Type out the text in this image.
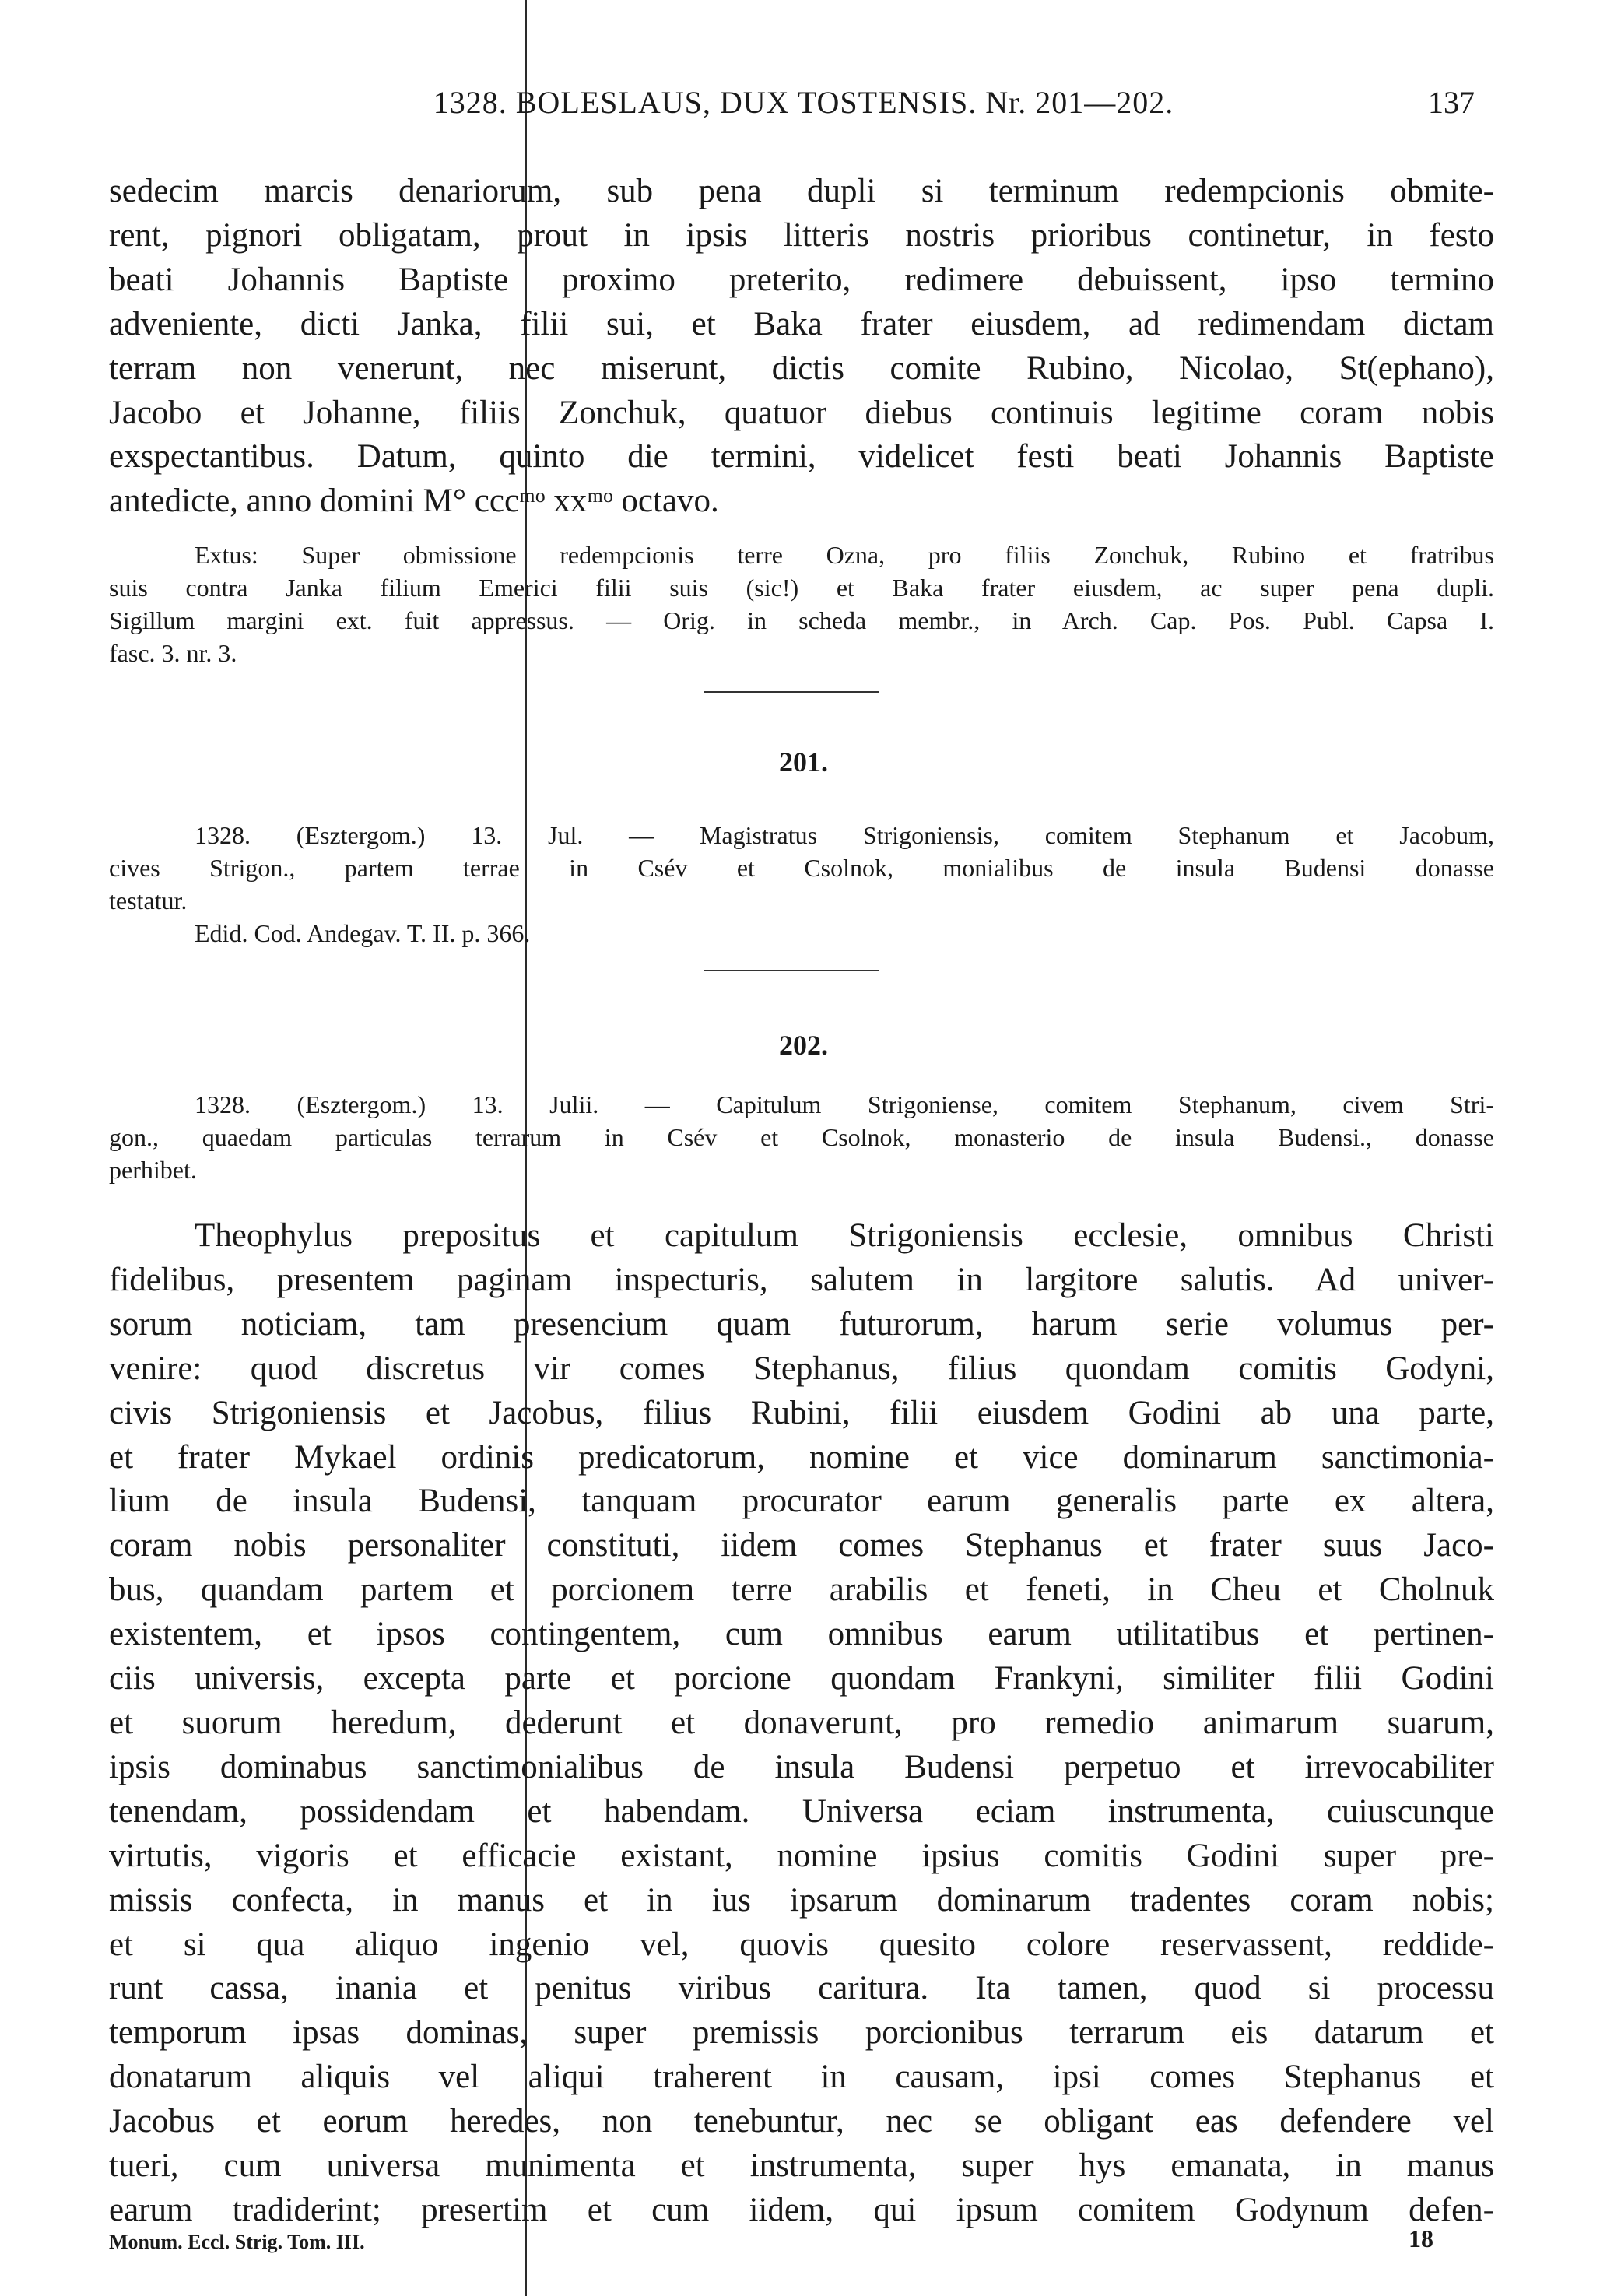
1328. BOLESLAUS, DUX TOSTENSIS. Nr. 201—202.	137
sedecim marcis denariorum, sub pena dupli si terminum redempcionis obmite-
rent, pignori obligatam, prout in ipsis litteris nostris prioribus continetur, in festo
beati Johannis Baptiste proximo preterito, redimere debuissent, ipso termino
adveniente, dicti Janka, filii sui, et Baka frater eiusdem, ad redimendam dictam
terram non venerunt, nec miserunt, dictis comite Rubino, Nicolao, St(ephano),
Jacobo et Johanne, filiis Zonchuk, quatuor diebus continuis legitime coram nobis
exspectantibus. Datum, quinto die termini, videlicet festi beati Johannis Baptiste
antedicte, anno domini M° cccᵐᵒ xxᵐᵒ octavo.
Extus: Super obmissione redempcionis terre Ozna, pro filiis Zonchuk, Rubino et fratribus
suis contra Janka filium Emerici filii suis (sic!) et Baka frater eiusdem, ac super pena dupli.
Sigillum margini ext. fuit appressus. — Orig. in scheda membr., in Arch. Cap. Pos. Publ. Capsa I.
fasc. 3. nr. 3.
201.
1328. (Esztergom.) 13. Jul. — Magistratus Strigoniensis, comitem Stephanum et Jacobum,
cives Strigon., partem terrae in Csév et Csolnok, monialibus de insula Budensi donasse
testatur.
Edid. Cod. Andegav. T. II. p. 366.
202.
1328. (Esztergom.) 13. Julii. — Capitulum Strigoniense, comitem Stephanum, civem Stri-
gon., quaedam particulas terrarum in Csév et Csolnok, monasterio de insula Budensi., donasse
perhibet.
Theophylus prepositus et capitulum Strigoniensis ecclesie, omnibus Christi
fidelibus, presentem paginam inspecturis, salutem in largitore salutis. Ad univer-
sorum noticiam, tam presencium quam futurorum, harum serie volumus per-
venire: quod discretus vir comes Stephanus, filius quondam comitis Godyni,
civis Strigoniensis et Jacobus, filius Rubini, filii eiusdem Godini ab una parte,
et frater Mykael ordinis predicatorum, nomine et vice dominarum sanctimonia-
lium de insula Budensi, tanquam procurator earum generalis parte ex altera,
coram nobis personaliter constituti, iidem comes Stephanus et frater suus Jaco-
bus, quandam partem et porcionem terre arabilis et feneti, in Cheu et Cholnuk
existentem, et ipsos contingentem, cum omnibus earum utilitatibus et pertinen-
ciis universis, excepta parte et porcione quondam Frankyni, similiter filii Godini
et suorum heredum, dederunt et donaverunt, pro remedio animarum suarum,
ipsis dominabus sanctimonialibus de insula Budensi perpetuo et irrevocabiliter
tenendam, possidendam et habendam. Universa eciam instrumenta, cuiuscunque
virtutis, vigoris et efficacie existant, nomine ipsius comitis Godini super pre-
missis confecta, in manus et in ius ipsarum dominarum tradentes coram nobis;
et si qua aliquo ingenio vel, quovis quesito colore reservassent, reddide-
runt cassa, inania et penitus viribus caritura. Ita tamen, quod si processu
temporum ipsas dominas, super premissis porcionibus terrarum eis datarum et
donatarum aliquis vel aliqui traherent in causam, ipsi comes Stephanus et
Jacobus et eorum heredes, non tenebuntur, nec se obligant eas defendere vel
tueri, cum universa munimenta et instrumenta, super hys emanata, in manus
earum tradiderint; presertim et cum iidem, qui ipsum comitem Godynum defen-
Monum. Eccl. Strig. Tom. III.	18
